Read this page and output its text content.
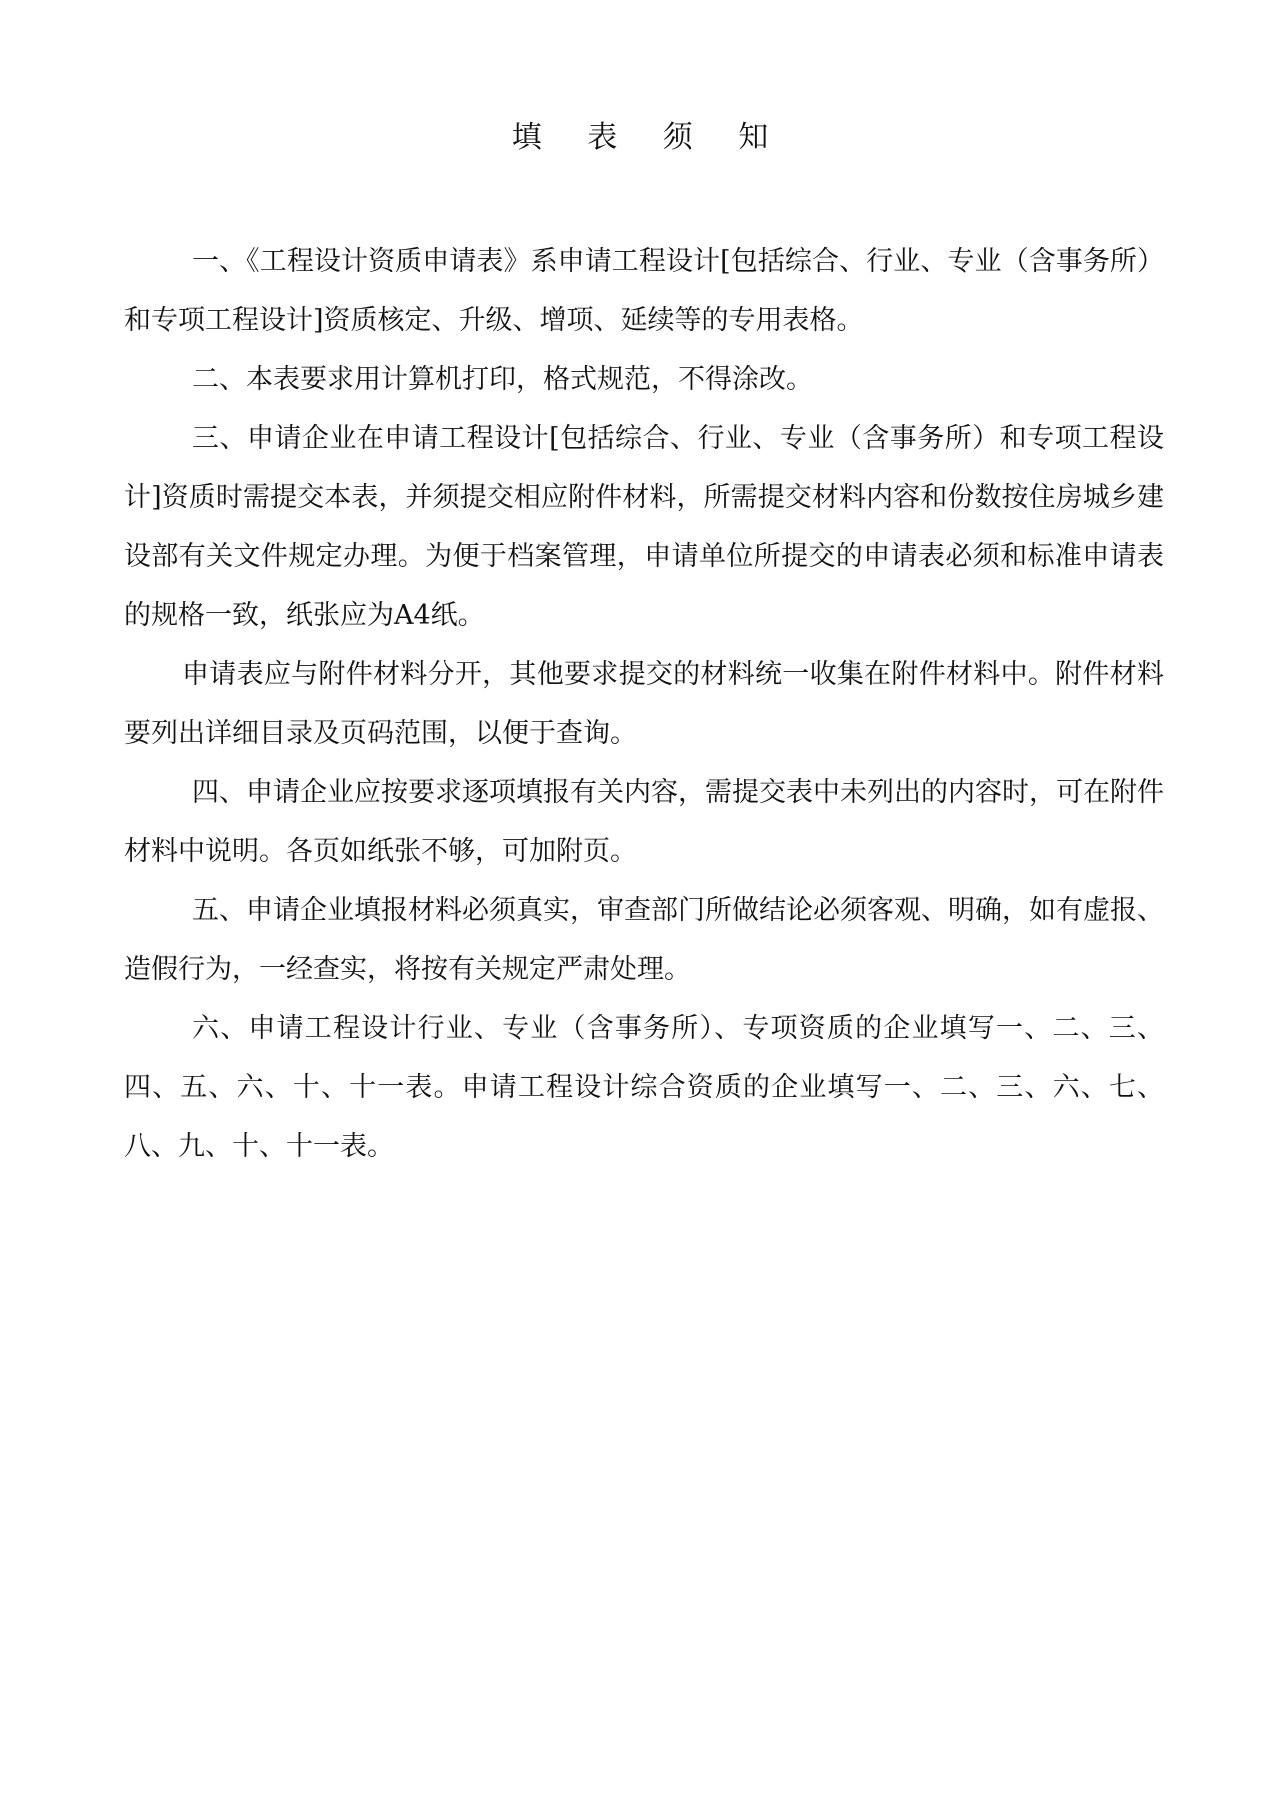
填 表 须 知

一、《工程设计资质申请表》系申请工程设计[包括综合、行业、专业（含事务所）和专项工程设计]资质核定、升级、增项、延续等的专用表格。

二、本表要求用计算机打印，格式规范，不得涂改。

三、申请企业在申请工程设计[包括综合、行业、专业（含事务所）和专项工程设计]资质时需提交本表，并须提交相应附件材料，所需提交材料内容和份数按住房城乡建设部有关文件规定办理。为便于档案管理，申请单位所提交的申请表必须和标准申请表的规格一致，纸张应为A4纸。

申请表应与附件材料分开，其他要求提交的材料统一收集在附件材料中。附件材料要列出详细目录及页码范围，以便于查询。

四、申请企业应按要求逐项填报有关内容，需提交表中未列出的内容时，可在附件材料中说明。各页如纸张不够，可加附页。

五、申请企业填报材料必须真实，审查部门所做结论必须客观、明确，如有虚报、造假行为，一经查实，将按有关规定严肃处理。

六、申请工程设计行业、专业（含事务所）、专项资质的企业填写一、二、三、四、五、六、十、十一表。申请工程设计综合资质的企业填写一、二、三、六、七、八、九、十、十一表。
